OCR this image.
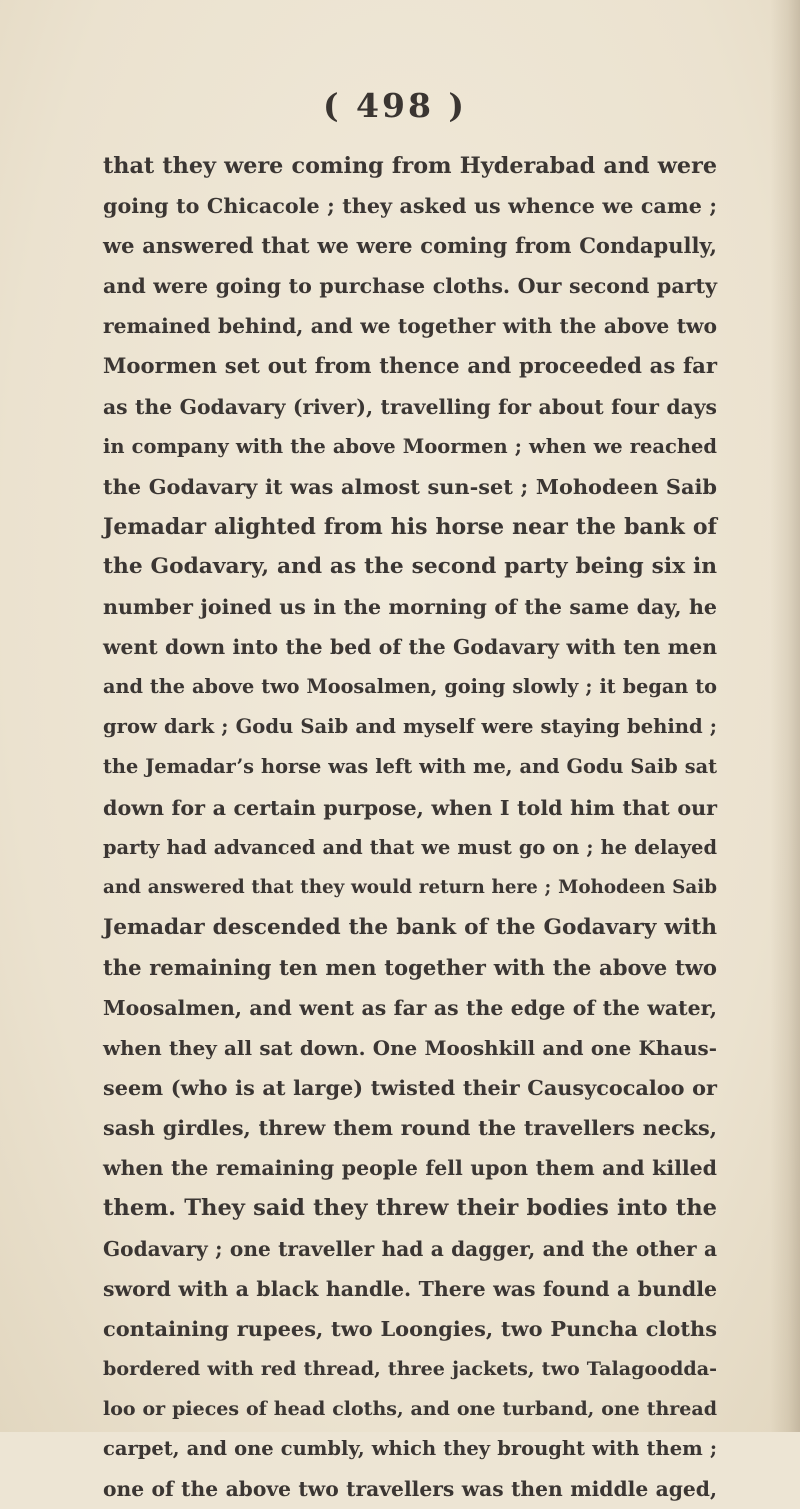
( 498 )
that they were coming from Hyderabad and were
going to Chicacole ; they asked us whence we came ;
we answered that we were coming from Condapully,
and were going to purchase cloths. Our second party
remained behind, and we together with the above two
Moormen set out from thence and proceeded as far
as the Godavary (river), travelling for about four days
in company with the above Moormen ; when we reached
the Godavary it was almost sun-set ; Mohodeen Saib
Jemadar alighted from his horse near the bank of
the Godavary, and as the second party being six in
number joined us in the morning of the same day, he
went down into the bed of the Godavary with ten men
and the above two Moosalmen, going slowly ; it began to
grow dark ; Godu Saib and myself were staying behind ;
the Jemadar’s horse was left with me, and Godu Saib sat
down for a certain purpose, when I told him that our
party had advanced and that we must go on ; he delayed
and answered that they would return here ; Mohodeen Saib
Jemadar descended the bank of the Godavary with
the remaining ten men together with the above two
Moosalmen, and went as far as the edge of the water,
when they all sat down. One Mooshkill and one Khaus-
seem (who is at large) twisted their Causycocaloo or
sash girdles, threw them round the travellers necks,
when the remaining people fell upon them and killed
them. They said they threw their bodies into the
Godavary ; one traveller had a dagger, and the other a
sword with a black handle. There was found a bundle
containing rupees, two Loongies, two Puncha cloths
bordered with red thread, three jackets, two Talagoodda-
loo or pieces of head cloths, and one turband, one thread
carpet, and one cumbly, which they brought with them ;
one of the above two travellers was then middle aged,
